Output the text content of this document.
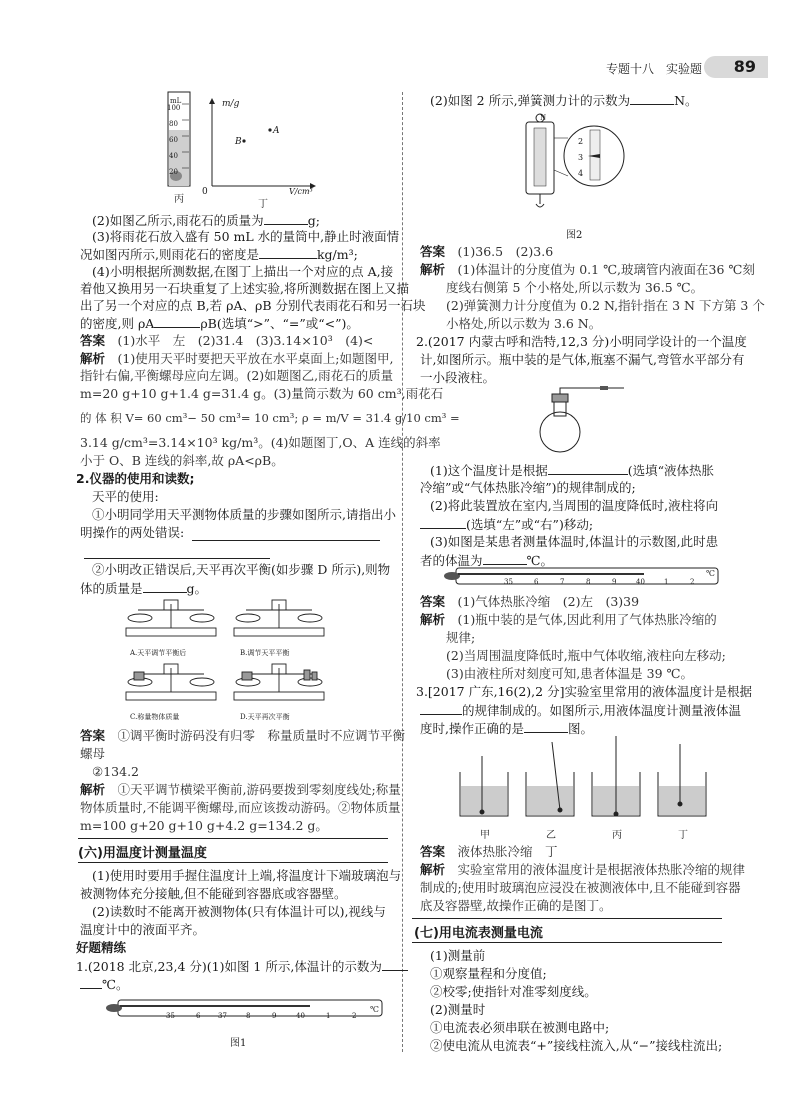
专题十八　实验题 89
mL
100
80
60
40
20
丙
m/g
V/cm³
0
A
B
丁
(2)如图乙所示,雨花石的质量为	g;
(3)将雨花石放入盛有 50 mL 水的量筒中,静止时液面情
况如图丙所示,则雨花石的密度是	kg/m³;
(4)小明根据所测数据,在图丁上描出一个对应的点 A,接
着他又换用另一石块重复了上述实验,将所测数据在图上又描
出了另一个对应的点 B,若 ρA、ρB 分别代表雨花石和另一石块
的密度,则 ρA	ρB(选填“>”、“=”或“<”)。
答案　 (1)水平　左　(2)31.4　(3)3.14×10³　(4)<
解析　 (1)使用天平时要把天平放在水平桌面上;如题图甲,
指针右偏,平衡螺母应向左调。(2)如题图乙,雨花石的质量
m=20 g+10 g+1.4 g=31.4 g。(3)量筒示数为 60 cm³,雨花石
的 体 积 V= 60 cm³− 50 cm³= 10 cm³; ρ = m/V = 31.4 g/10 cm³ =
3.14 g/cm³=3.14×10³ kg/m³。(4)如题图丁,O、A 连线的斜率
小于 O、B 连线的斜率,故 ρA<ρB。
2.仪器的使用和读数;
天平的使用:
①小明同学用天平测物体质量的步骤如图所示,请指出小
明操作的两处错误:
②小明改正错误后,天平再次平衡(如步骤 D 所示),则物
体的质量是	g。
A.天平调节平衡后	B.调节天平平衡
C.称量物体质量	D.天平再次平衡
答案　 ①调平衡时游码没有归零　称量质量时不应调节平衡
螺母
②134.2
解析　 ①天平调节横梁平衡前,游码要拨到零刻度线处;称量
物体质量时,不能调平衡螺母,而应该拨动游码。②物体质量
m=100 g+20 g+10 g+4.2 g=134.2 g。
(六)用温度计测量温度
(1)使用时要用手握住温度计上端,将温度计下端玻璃泡与
被测物体充分接触,但不能碰到容器底或容器壁。
(2)读数时不能离开被测物体(只有体温计可以),视线与
温度计中的液面平齐。
好题精练
1.(2018 北京,23,4 分)(1)如图 1 所示,体温计的示数为
℃。
35	6	37	8	9	40	1	2
℃
图1
(2)如图 2 所示,弹簧测力计的示数为	N。
N
2
3
4
图2
答案　 (1)36.5　(2)3.6
解析　 (1)体温计的分度值为 0.1 ℃,玻璃管内液面在36 ℃刻
度线右侧第 5 个小格处,所以示数为 36.5 ℃。
(2)弹簧测力计分度值为 0.2 N,指针指在 3 N 下方第 3 个
小格处,所以示数为 3.6 N。
2.(2017 内蒙古呼和浩特,12,3 分)小明同学设计的一个温度
计,如图所示。瓶中装的是气体,瓶塞不漏气,弯管水平部分有
一小段液柱。
(1)这个温度计是根据	(选填“液体热胀
冷缩”或“气体热胀冷缩”)的规律制成的;
(2)将此装置放在室内,当周围的温度降低时,液柱将向
(选填“左”或“右”)移动;
(3)如图是某患者测量体温时,体温计的示数图,此时患
者的体温为	℃。
35	6	7	8	9	40	1	2
℃
答案　 (1)气体热胀冷缩　(2)左　(3)39
解析　 (1)瓶中装的是气体,因此利用了气体热胀冷缩的
规律;
(2)当周围温度降低时,瓶中气体收缩,液柱向左移动;
(3)由液柱所对刻度可知,患者体温是 39 ℃。
3.[2017 广东,16(2),2 分]实验室里常用的液体温度计是根据
的规律制成的。如图所示,用液体温度计测量液体温
度时,操作正确的是	图。
甲	乙	丙	丁
答案　 液体热胀冷缩　丁
解析　 实验室常用的液体温度计是根据液体热胀冷缩的规律
制成的;使用时玻璃泡应浸没在被测液体中,且不能碰到容器
底及容器壁,故操作正确的是图丁。
(七)用电流表测量电流
(1)测量前
①观察量程和分度值;
②校零;使指针对准零刻度线。
(2)测量时
①电流表必须串联在被测电路中;
②使电流从电流表“+”接线柱流入,从“−”接线柱流出;
